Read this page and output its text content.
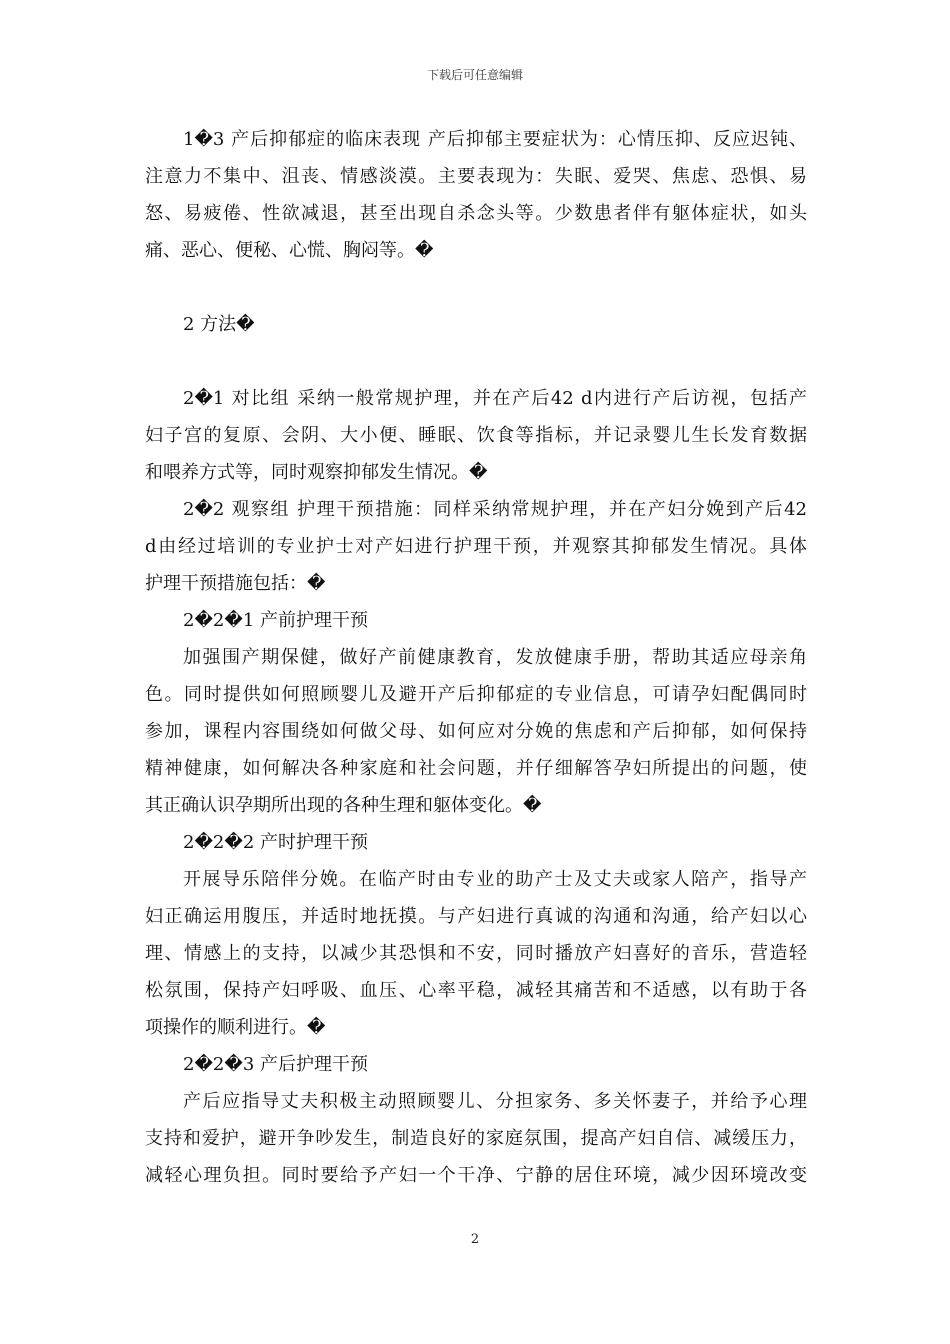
下载后可任意编辑
1�3 产后抑郁症的临床表现 产后抑郁主要症状为：心情压抑、反应迟钝、
注意力不集中、沮丧、情感淡漠。主要表现为：失眠、爱哭、焦虑、恐惧、易
怒、易疲倦、性欲减退，甚至出现自杀念头等。少数患者伴有躯体症状，如头
痛、恶心、便秘、心慌、胸闷等。�
2 方法�
2�1 对比组 采纳一般常规护理，并在产后42 d内进行产后访视，包括产
妇子宫的复原、会阴、大小便、睡眠、饮食等指标，并记录婴儿生长发育数据
和喂养方式等，同时观察抑郁发生情况。�
2�2 观察组 护理干预措施：同样采纳常规护理，并在产妇分娩到产后42
d由经过培训的专业护士对产妇进行护理干预，并观察其抑郁发生情况。具体
护理干预措施包括：�
2�2�1 产前护理干预
加强围产期保健，做好产前健康教育，发放健康手册，帮助其适应母亲角
色。同时提供如何照顾婴儿及避开产后抑郁症的专业信息，可请孕妇配偶同时
参加，课程内容围绕如何做父母、如何应对分娩的焦虑和产后抑郁，如何保持
精神健康，如何解决各种家庭和社会问题，并仔细解答孕妇所提出的问题，使
其正确认识孕期所出现的各种生理和躯体变化。�
2�2�2 产时护理干预
开展导乐陪伴分娩。在临产时由专业的助产士及丈夫或家人陪产，指导产
妇正确运用腹压，并适时地抚摸。与产妇进行真诚的沟通和沟通，给产妇以心
理、情感上的支持，以减少其恐惧和不安，同时播放产妇喜好的音乐，营造轻
松氛围，保持产妇呼吸、血压、心率平稳，减轻其痛苦和不适感，以有助于各
项操作的顺利进行。�
2�2�3 产后护理干预
产后应指导丈夫积极主动照顾婴儿、分担家务、多关怀妻子，并给予心理
支持和爱护，避开争吵发生，制造良好的家庭氛围，提高产妇自信、减缓压力，
减轻心理负担。同时要给予产妇一个干净、宁静的居住环境，减少因环境改变
2
